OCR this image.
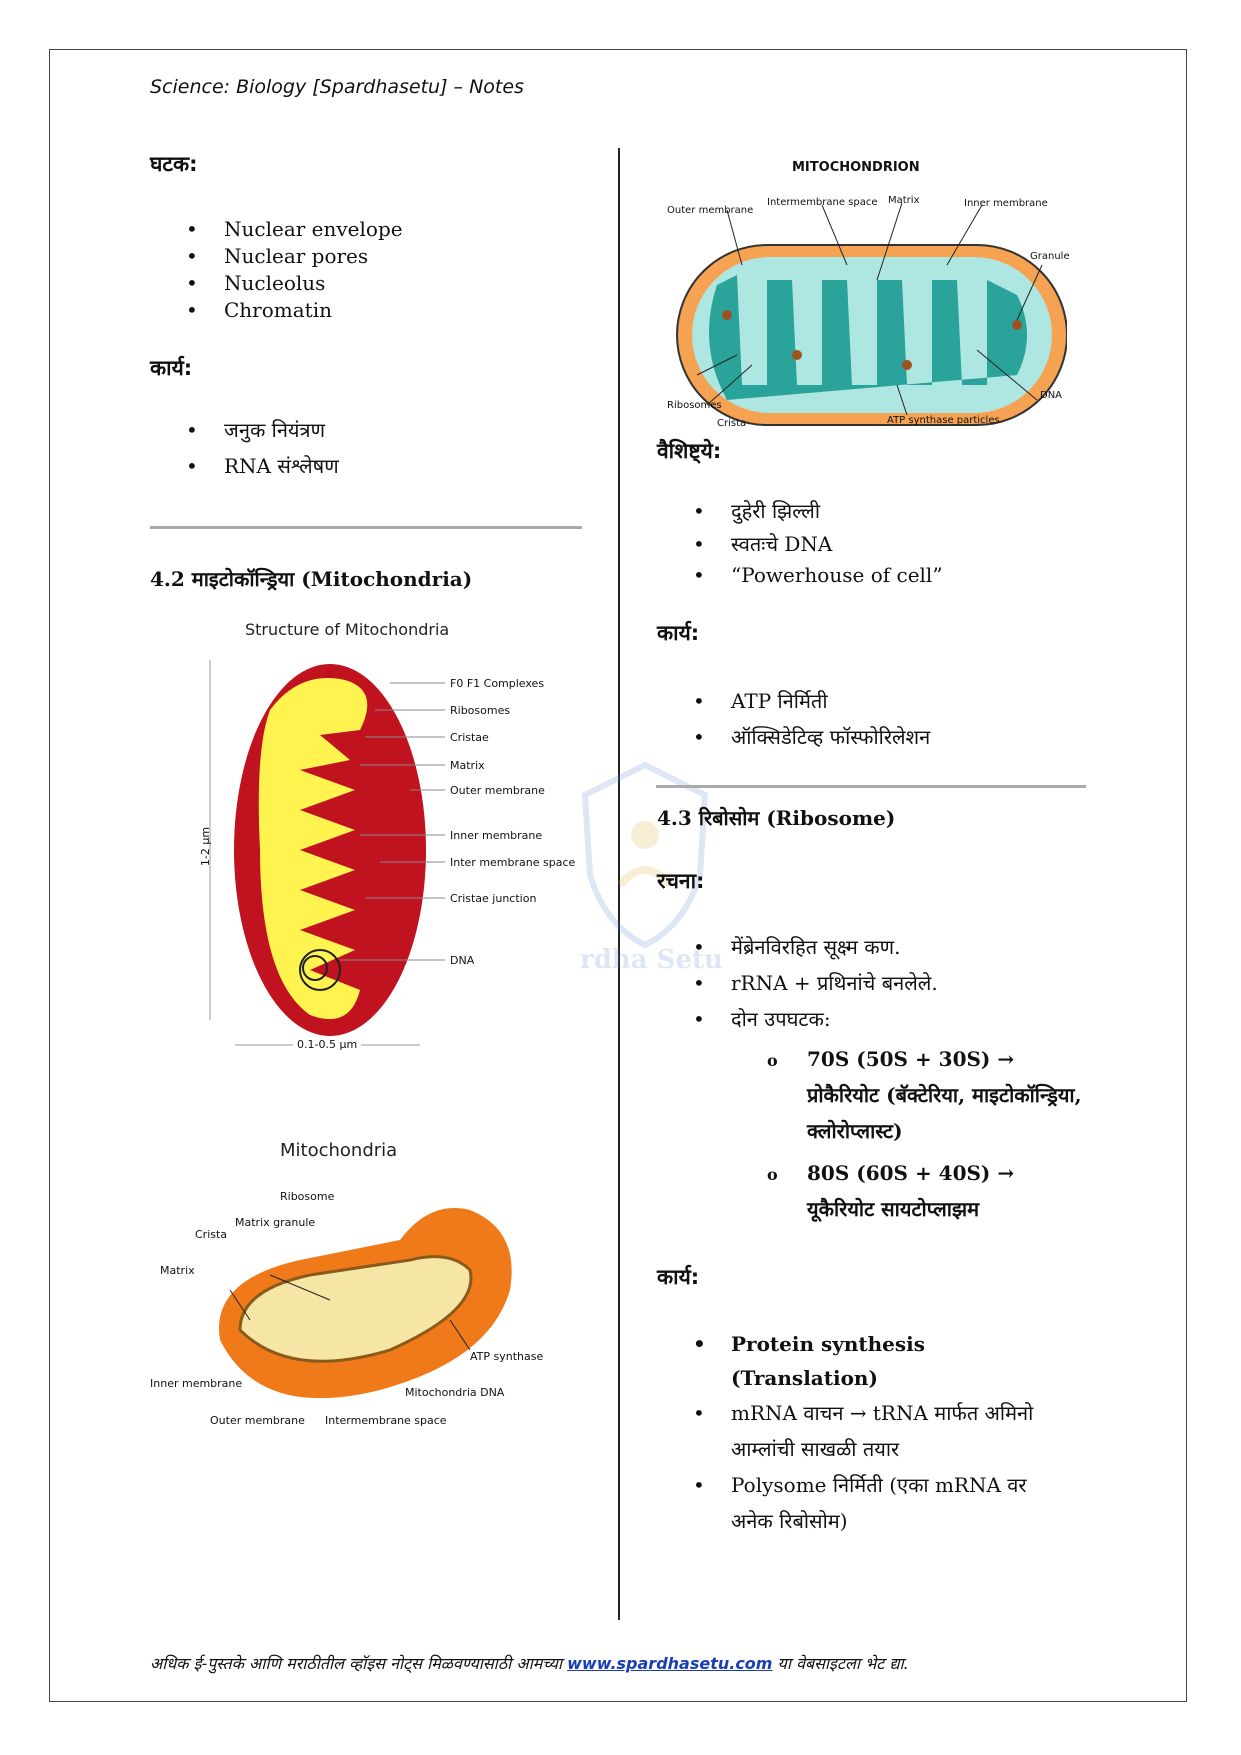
Science: Biology [Spardhasetu] – Notes
rdha Setu

घटक:

• Nuclear envelope
• Nuclear pores
• Nucleolus
• Chromatin

कार्य:

• जनुक नियंत्रण
• RNA संश्लेषण
4.2 माइटोकॉन्ड्रिया (Mitochondria)
Structure of Mitochondria
F0 F1 Complexes
Ribosomes
Cristae
Matrix
Outer membrane
Inner membrane
Inter membrane space
Cristae junction
DNA
1-2 μm
0.1-0.5 μm
Mitochondria
Ribosome
Matrix granule
Crista
Matrix
ATP synthase
Inner membrane
Mitochondria DNA
Outer membrane Intermembrane space
MITOCHONDRION
Outer membrane
Intermembrane space Matrix	Inner membrane
Granule
Ribosomes
Crista	ATP synthase particles
DNA

वैशिष्ट्ये:

• दुहेरी झिल्ली
• स्वतःचे DNA
• “Powerhouse of cell”

कार्य:

• ATP निर्मिती
• ऑक्सिडेटिव्ह फॉस्फोरिलेशन
4.3 रिबोसोम (Ribosome)

रचना:

• मेंब्रेनविरहित सूक्ष्म कण.
• rRNA + प्रथिनांचे बनलेले.
• दोन उपघटक:
o 70S (50S + 30S) → प्रोकैरियोट (बॅक्टेरिया, माइटोकॉन्ड्रिया, क्लोरोप्लास्ट)
o 80S (60S + 40S) → यूकैरियोट सायटोप्लाझम

कार्य:

• Protein synthesis (Translation)
• mRNA वाचन → tRNA मार्फत अमिनो आम्लांची साखळी तयार
• Polysome निर्मिती (एका mRNA वर अनेक रिबोसोम)
अधिक ई-पुस्तके आणि मराठीतील व्हॉइस नोट्स मिळवण्यासाठी आमच्या www.spardhasetu.com या वेबसाइटला भेट द्या.
